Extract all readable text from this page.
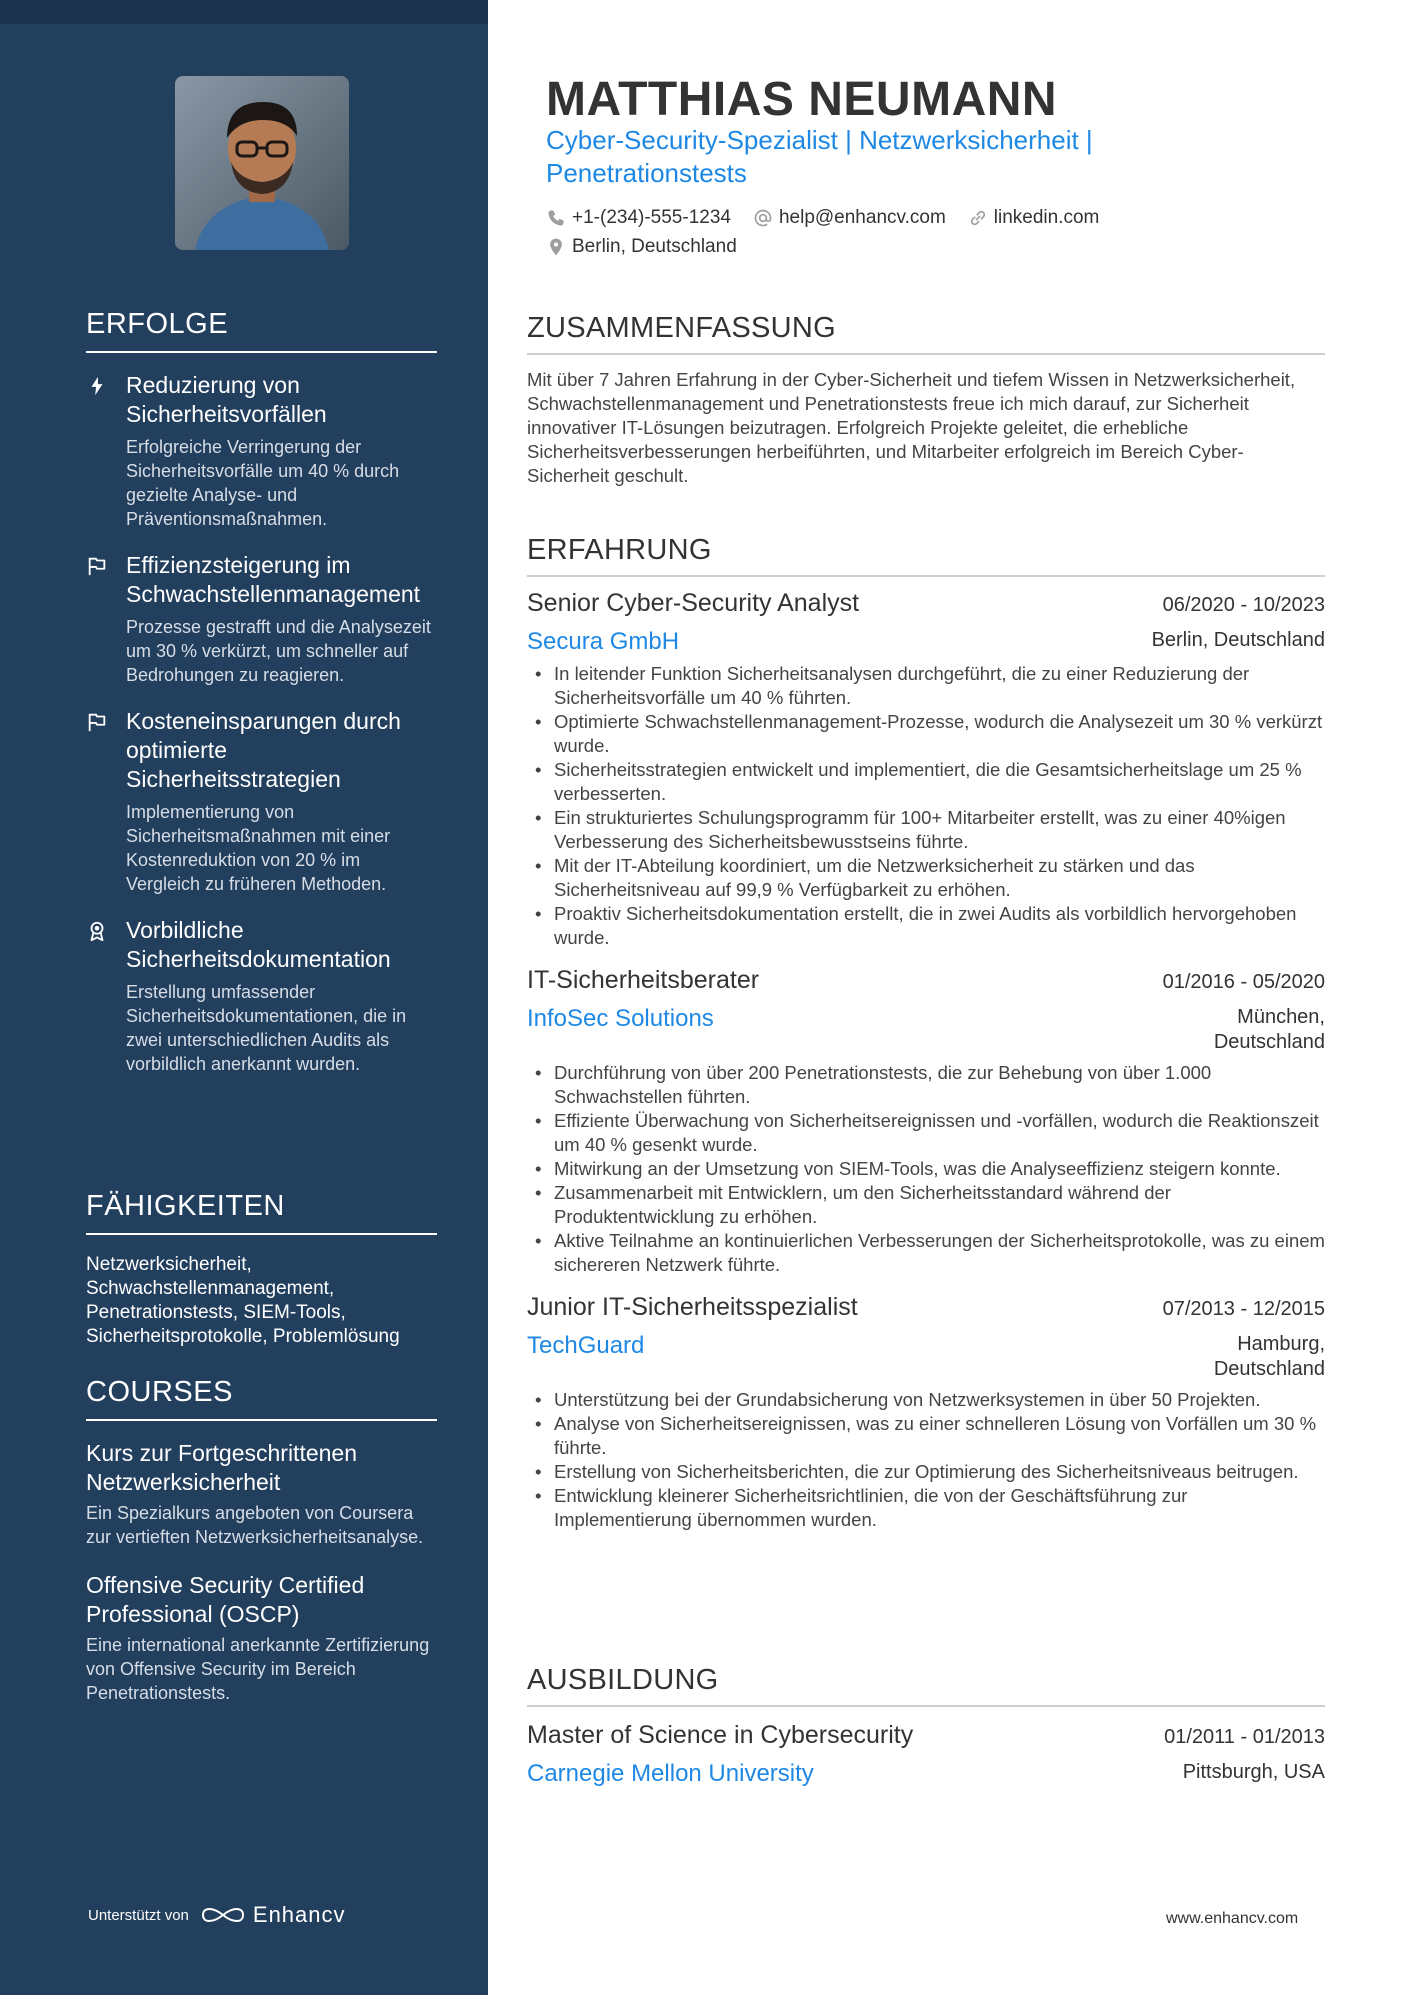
ERFOLGE
Reduzierung von Sicherheitsvorfällen
Erfolgreiche Verringerung der Sicherheitsvorfälle um 40 % durch gezielte Analyse- und Präventionsmaßnahmen.
Effizienzsteigerung im Schwachstellenmanagement
Prozesse gestrafft und die Analysezeit um 30 % verkürzt, um schneller auf Bedrohungen zu reagieren.
Kosteneinsparungen durch optimierte Sicherheitsstrategien
Implementierung von Sicherheitsmaßnahmen mit einer Kostenreduktion von 20 % im Vergleich zu früheren Methoden.
Vorbildliche Sicherheitsdokumentation
Erstellung umfassender Sicherheitsdokumentationen, die in zwei unterschiedlichen Audits als vorbildlich anerkannt wurden.
FÄHIGKEITEN
Netzwerksicherheit, Schwachstellenmanagement, Penetrationstests, SIEM-Tools, Sicherheitsprotokolle, Problemlösung
COURSES
Kurs zur Fortgeschrittenen Netzwerksicherheit
Ein Spezialkurs angeboten von Coursera zur vertieften Netzwerksicherheitsanalyse.
Offensive Security Certified Professional (OSCP)
Eine international anerkannte Zertifizierung von Offensive Security im Bereich Penetrationstests.
Unterstützt von	Enhancv
MATTHIAS NEUMANN
Cyber-Security-Spezialist | Netzwerksicherheit | Penetrationstests
+1-(234)-555-1234	help@enhancv.com	linkedin.com
Berlin, Deutschland
ZUSAMMENFASSUNG
Mit über 7 Jahren Erfahrung in der Cyber-Sicherheit und tiefem Wissen in Netzwerksicherheit, Schwachstellenmanagement und Penetrationstests freue ich mich darauf, zur Sicherheit innovativer IT-Lösungen beizutragen. Erfolgreich Projekte geleitet, die erhebliche Sicherheitsverbesserungen herbeiführten, und Mitarbeiter erfolgreich im Bereich Cyber-Sicherheit geschult.
ERFAHRUNG
Senior Cyber-Security Analyst	06/2020 - 10/2023
Secura GmbH	Berlin, Deutschland
• In leitender Funktion Sicherheitsanalysen durchgeführt, die zu einer Reduzierung der Sicherheitsvorfälle um 40 % führten.
• Optimierte Schwachstellenmanagement-Prozesse, wodurch die Analysezeit um 30 % verkürzt wurde.
• Sicherheitsstrategien entwickelt und implementiert, die die Gesamtsicherheitslage um 25 % verbesserten.
• Ein strukturiertes Schulungsprogramm für 100+ Mitarbeiter erstellt, was zu einer 40%igen Verbesserung des Sicherheitsbewusstseins führte.
• Mit der IT-Abteilung koordiniert, um die Netzwerksicherheit zu stärken und das Sicherheitsniveau auf 99,9 % Verfügbarkeit zu erhöhen.
• Proaktiv Sicherheitsdokumentation erstellt, die in zwei Audits als vorbildlich hervorgehoben wurde.
IT-Sicherheitsberater	01/2016 - 05/2020
InfoSec Solutions	München,
Deutschland
• Durchführung von über 200 Penetrationstests, die zur Behebung von über 1.000 Schwachstellen führten.
• Effiziente Überwachung von Sicherheitsereignissen und -vorfällen, wodurch die Reaktionszeit um 40 % gesenkt wurde.
• Mitwirkung an der Umsetzung von SIEM-Tools, was die Analyseeffizienz steigern konnte.
• Zusammenarbeit mit Entwicklern, um den Sicherheitsstandard während der Produktentwicklung zu erhöhen.
• Aktive Teilnahme an kontinuierlichen Verbesserungen der Sicherheitsprotokolle, was zu einem sichereren Netzwerk führte.
Junior IT-Sicherheitsspezialist	07/2013 - 12/2015
TechGuard	Hamburg,
Deutschland
• Unterstützung bei der Grundabsicherung von Netzwerksystemen in über 50 Projekten.
• Analyse von Sicherheitsereignissen, was zu einer schnelleren Lösung von Vorfällen um 30 % führte.
• Erstellung von Sicherheitsberichten, die zur Optimierung des Sicherheitsniveaus beitrugen.
• Entwicklung kleinerer Sicherheitsrichtlinien, die von der Geschäftsführung zur Implementierung übernommen wurden.
AUSBILDUNG
Master of Science in Cybersecurity	01/2011 - 01/2013
Carnegie Mellon University	Pittsburgh, USA
www.enhancv.com
